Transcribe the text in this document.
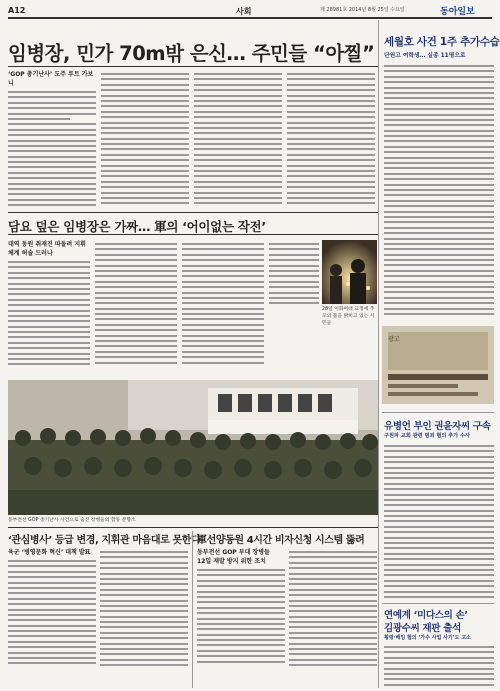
A12	사회	제 28981호 2014년 8월 25일 수요일	동아일보
임병장, 민가 70m밖 은신… 주민들 “아찔”
‘GOP 총기난사’ 도주 루트 가보니
담요 덮은 임병장은 가짜… 軍의 ‘어이없는 작전’
대역 동원 취재진 따돌려 지휘체계 허술 드러나
28일 이화여대 교정에 추모의 불을 밝히고 있는 시민들
동부전선 GOP 총기난사 사건으로 숨진 장병들의 합동 분향소
‘관심병사’ 등급 변경, 지휘관 마음대로 못한다
육군 ‘병영문화 혁신’ 대책 발표
軍선양동원 4시간 비자신청 시스템 뚫려
동부전선 GOP 부대 장병들
12일 재발 방지 위한 조치
세월호 사건 1주 추가수습
단원고 여학생… 실종 11명으로
광고
유병언 부인 권윤자씨 구속
구원파 교회 관련 범죄 혐의 추가 수사
연예계 ‘미다스의 손’
김광수씨 재판 출석
횡령·배임 혐의 ‘가수 사업 사기’도 고소
